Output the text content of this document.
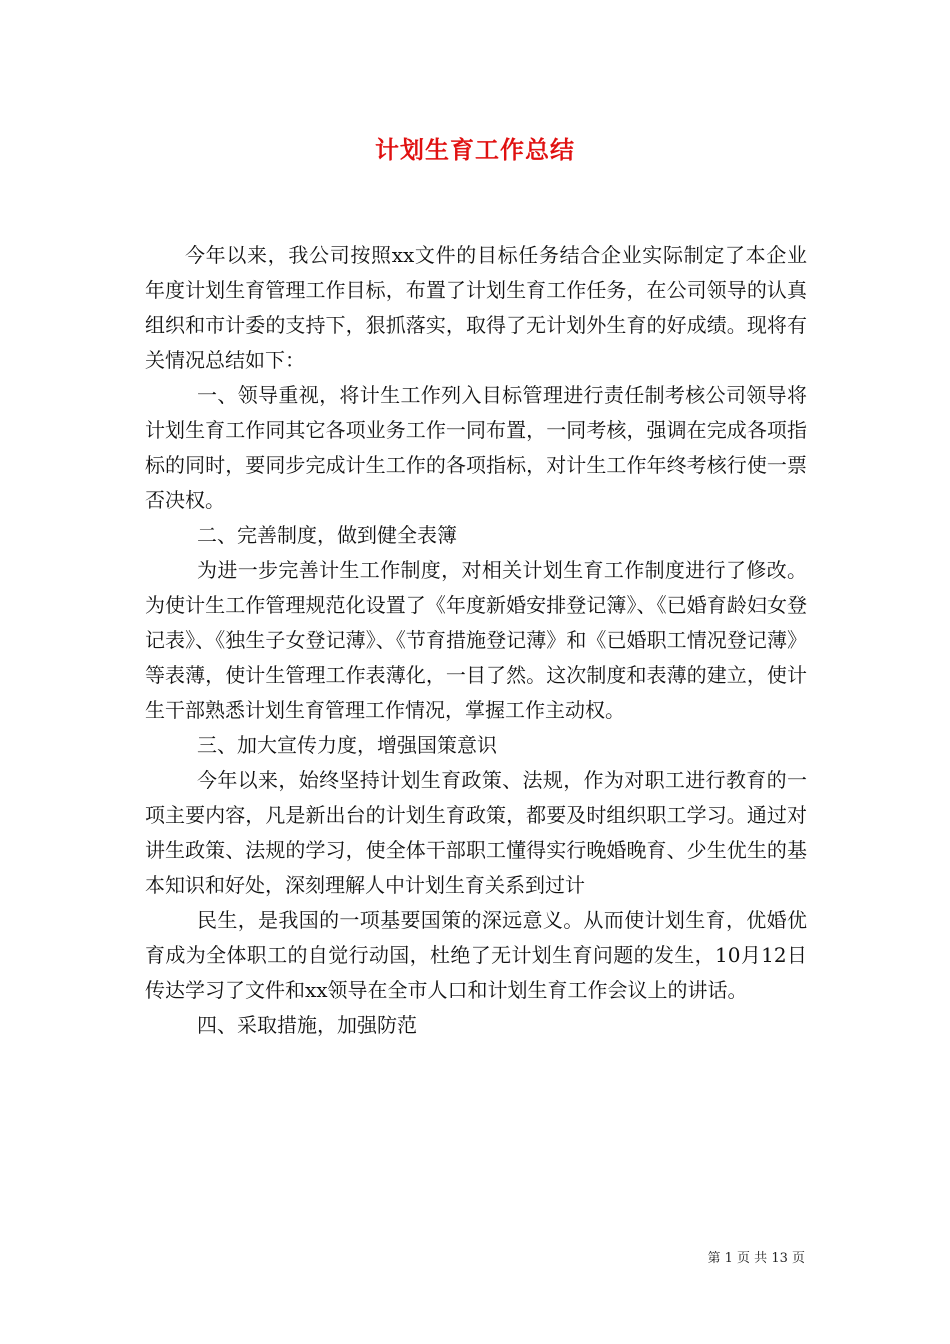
计划生育工作总结

今年以来，我公司按照xx文件的目标任务结合企业实际制定了本企业年度计划生育管理工作目标，布置了计划生育工作任务，在公司领导的认真组织和市计委的支持下，狠抓落实，取得了无计划外生育的好成绩。现将有关情况总结如下：

一、领导重视，将计生工作列入目标管理进行责任制考核公司领导将计划生育工作同其它各项业务工作一同布置，一同考核，强调在完成各项指标的同时，要同步完成计生工作的各项指标，对计生工作年终考核行使一票否决权。

二、完善制度，做到健全表簿

为进一步完善计生工作制度，对相关计划生育工作制度进行了修改。为使计生工作管理规范化设置了《年度新婚安排登记簿》、《已婚育龄妇女登记表》、《独生子女登记薄》、《节育措施登记薄》和《已婚职工情况登记薄》等表薄，使计生管理工作表薄化，一目了然。这次制度和表薄的建立，使计生干部熟悉计划生育管理工作情况，掌握工作主动权。

三、加大宣传力度，增强国策意识

今年以来，始终坚持计划生育政策、法规，作为对职工进行教育的一项主要内容，凡是新出台的计划生育政策，都要及时组织职工学习。通过对讲生政策、法规的学习，使全体干部职工懂得实行晚婚晚育、少生优生的基本知识和好处，深刻理解人中计划生育关系到过计

民生，是我国的一项基要国策的深远意义。从而使计划生育，优婚优育成为全体职工的自觉行动国，杜绝了无计划生育问题的发生，10月12日传达学习了文件和xx领导在全市人口和计划生育工作会议上的讲话。

四、采取措施，加强防范

第 1 页 共 13 页
